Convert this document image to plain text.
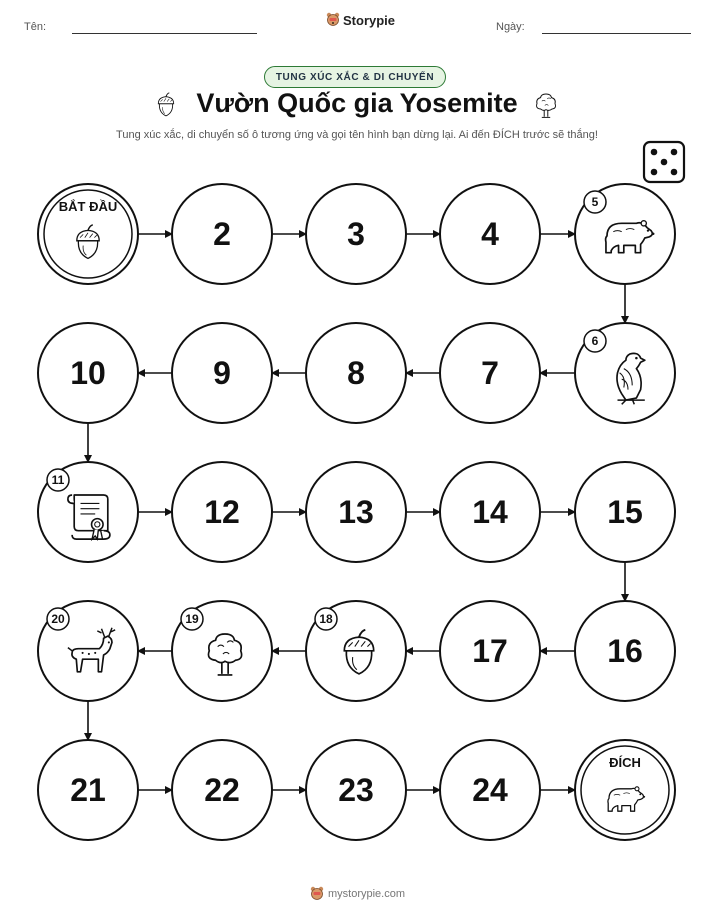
Tên:	Storypie	Ngày:
TUNG XÚC XẮC & DI CHUYỂN
Vườn Quốc gia Yosemite
Tung xúc xắc, di chuyển số ô tương ứng và gọi tên hình bạn dừng lại. Ai đến ĐÍCH trước sẽ thắng!
BẮT ĐẦU
2	3	4
5
6
7
8
9
10
11
12	13	14	15
16
17
18
19
20
21	22	23	24
ĐÍCH
mystorypie.com
